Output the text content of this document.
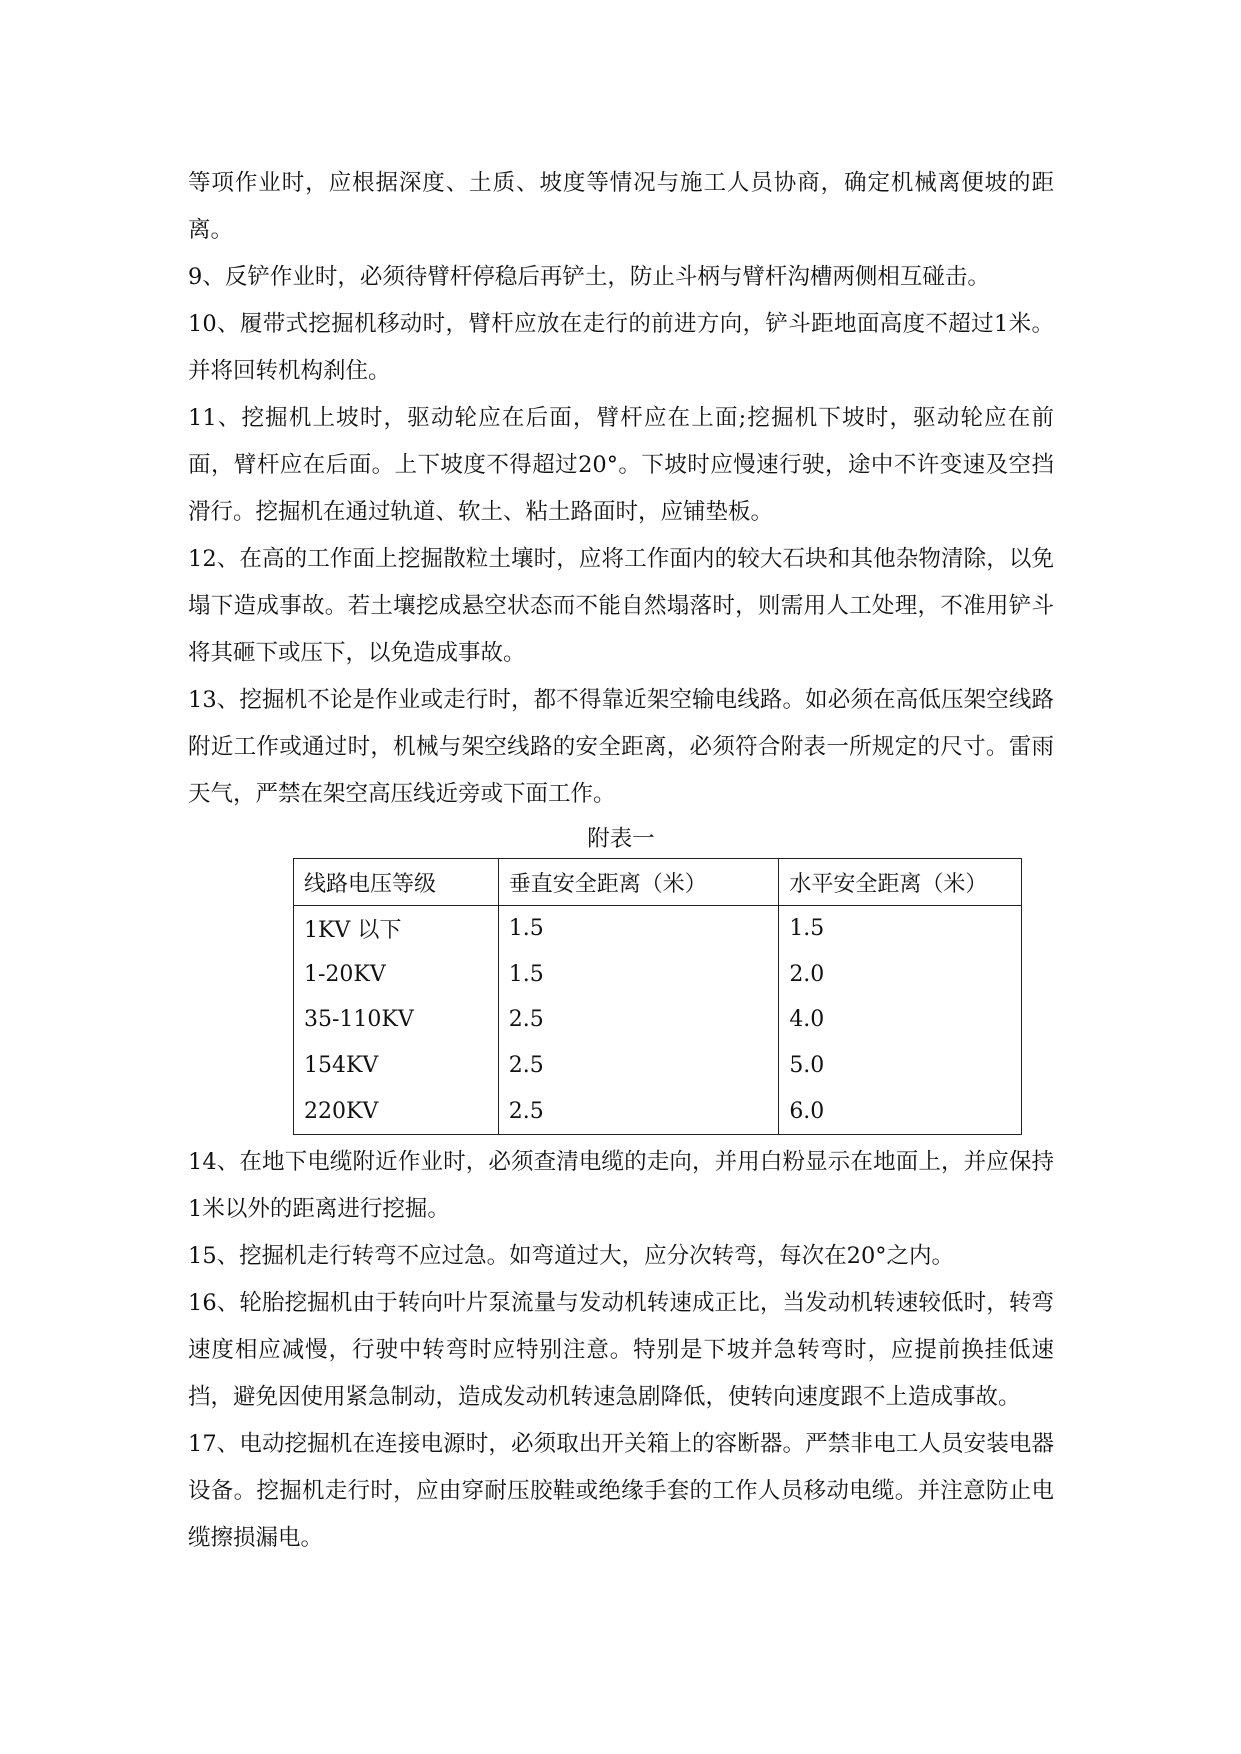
等项作业时，应根据深度、土质、坡度等情况与施工人员协商，确定机械离便坡的距离。

9、反铲作业时，必须待臂杆停稳后再铲土，防止斗柄与臂杆沟槽两侧相互碰击。

10、履带式挖掘机移动时，臂杆应放在走行的前进方向，铲斗距地面高度不超过1米。并将回转机构刹住。

11、挖掘机上坡时，驱动轮应在后面，臂杆应在上面;挖掘机下坡时，驱动轮应在前面，臂杆应在后面。上下坡度不得超过20°。下坡时应慢速行驶，途中不许变速及空挡滑行。挖掘机在通过轨道、软土、粘土路面时，应铺垫板。

12、在高的工作面上挖掘散粒土壤时，应将工作面内的较大石块和其他杂物清除，以免塌下造成事故。若土壤挖成悬空状态而不能自然塌落时，则需用人工处理，不准用铲斗将其砸下或压下，以免造成事故。

13、挖掘机不论是作业或走行时，都不得靠近架空输电线路。如必须在高低压架空线路附近工作或通过时，机械与架空线路的安全距离，必须符合附表一所规定的尺寸。雷雨天气，严禁在架空高压线近旁或下面工作。

附表一
线路电压等级	垂直安全距离（米）	水平安全距离（米）
1KV 以下	1.5	1.5
1-20KV	1.5	2.0
35-110KV	2.5	4.0
154KV	2.5	5.0
220KV	2.5	6.0

14、在地下电缆附近作业时，必须查清电缆的走向，并用白粉显示在地面上，并应保持1米以外的距离进行挖掘。

15、挖掘机走行转弯不应过急。如弯道过大，应分次转弯，每次在20°之内。

16、轮胎挖掘机由于转向叶片泵流量与发动机转速成正比，当发动机转速较低时，转弯速度相应减慢，行驶中转弯时应特别注意。特别是下坡并急转弯时，应提前换挂低速挡，避免因使用紧急制动，造成发动机转速急剧降低，使转向速度跟不上造成事故。

17、电动挖掘机在连接电源时，必须取出开关箱上的容断器。严禁非电工人员安装电器设备。挖掘机走行时，应由穿耐压胶鞋或绝缘手套的工作人员移动电缆。并注意防止电缆擦损漏电。
